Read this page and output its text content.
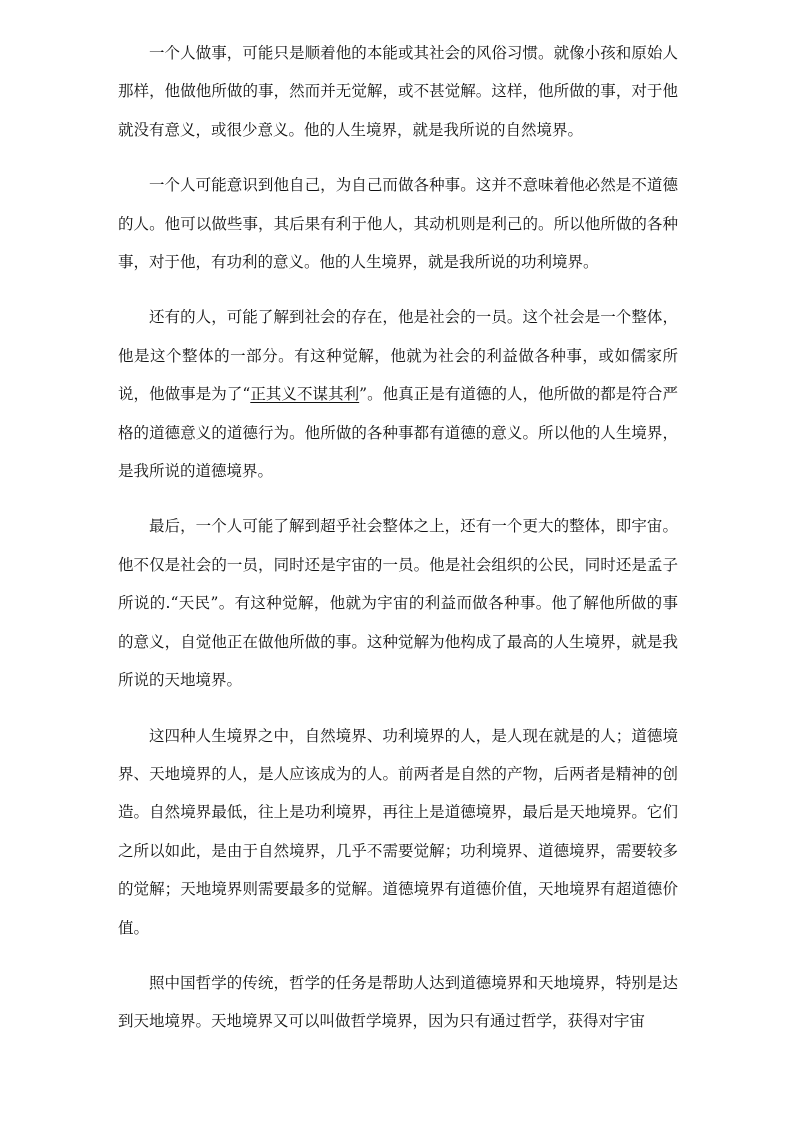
一个人做事，可能只是顺着他的本能或其社会的风俗习惯。就像小孩和原始人那样，他做他所做的事，然而并无觉解，或不甚觉解。这样，他所做的事，对于他就没有意义，或很少意义。他的人生境界，就是我所说的自然境界。

一个人可能意识到他自己，为自己而做各种事。这并不意味着他必然是不道德的人。他可以做些事，其后果有利于他人，其动机则是利己的。所以他所做的各种事，对于他，有功利的意义。他的人生境界，就是我所说的功利境界。

还有的人，可能了解到社会的存在，他是社会的一员。这个社会是一个整体，他是这个整体的一部分。有这种觉解，他就为社会的利益做各种事，或如儒家所说，他做事是为了“正其义不谋其利”。他真正是有道德的人，他所做的都是符合严格的道德意义的道德行为。他所做的各种事都有道德的意义。所以他的人生境界，是我所说的道德境界。

最后，一个人可能了解到超乎社会整体之上，还有一个更大的整体，即宇宙。他不仅是社会的一员，同时还是宇宙的一员。他是社会组织的公民，同时还是孟子所说的.“天民”。有这种觉解，他就为宇宙的利益而做各种事。他了解他所做的事的意义，自觉他正在做他所做的事。这种觉解为他构成了最高的人生境界，就是我所说的天地境界。

这四种人生境界之中，自然境界、功利境界的人，是人现在就是的人；道德境界、天地境界的人，是人应该成为的人。前两者是自然的产物，后两者是精神的创造。自然境界最低，往上是功利境界，再往上是道德境界，最后是天地境界。它们之所以如此，是由于自然境界，几乎不需要觉解；功利境界、道德境界，需要较多的觉解；天地境界则需要最多的觉解。道德境界有道德价值，天地境界有超道德价值。

照中国哲学的传统，哲学的任务是帮助人达到道德境界和天地境界，特别是达到天地境界。天地境界又可以叫做哲学境界，因为只有通过哲学，获得对宇宙
